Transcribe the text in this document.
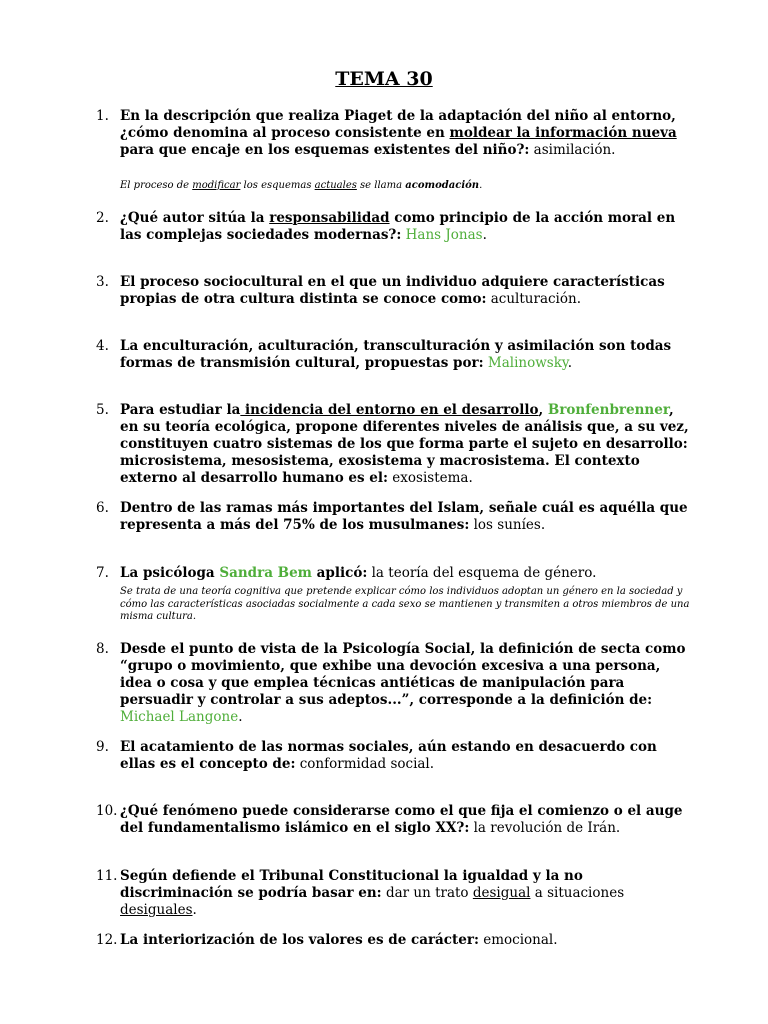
TEMA 30
1. En la descripción que realiza Piaget de la adaptación del niño al entorno, ¿cómo denomina al proceso consistente en moldear la información nueva para que encaje en los esquemas existentes del niño?: asimilación.
El proceso de modificar los esquemas actuales se llama acomodación.
2. ¿Qué autor sitúa la responsabilidad como principio de la acción moral en las complejas sociedades modernas?: Hans Jonas.
3. El proceso sociocultural en el que un individuo adquiere características propias de otra cultura distinta se conoce como: aculturación.
4. La enculturación, aculturación, transculturación y asimilación son todas formas de transmisión cultural, propuestas por: Malinowsky.
5. Para estudiar la incidencia del entorno en el desarrollo, Bronfenbrenner, en su teoría ecológica, propone diferentes niveles de análisis que, a su vez, constituyen cuatro sistemas de los que forma parte el sujeto en desarrollo: microsistema, mesosistema, exosistema y macrosistema. El contexto externo al desarrollo humano es el: exosistema.
6. Dentro de las ramas más importantes del Islam, señale cuál es aquélla que representa a más del 75% de los musulmanes: los suníes.
7. La psicóloga Sandra Bem aplicó: la teoría del esquema de género.
Se trata de una teoría cognitiva que pretende explicar cómo los individuos adoptan un género en la sociedad y cómo las características asociadas socialmente a cada sexo se mantienen y transmiten a otros miembros de una misma cultura.
8. Desde el punto de vista de la Psicología Social, la definición de secta como “grupo o movimiento, que exhibe una devoción excesiva a una persona, idea o cosa y que emplea técnicas antiéticas de manipulación para persuadir y controlar a sus adeptos...”, corresponde a la definición de: Michael Langone.
9. El acatamiento de las normas sociales, aún estando en desacuerdo con ellas es el concepto de: conformidad social.
10. ¿Qué fenómeno puede considerarse como el que fija el comienzo o el auge del fundamentalismo islámico en el siglo XX?: la revolución de Irán.
11. Según defiende el Tribunal Constitucional la igualdad y la no discriminación se podría basar en: dar un trato desigual a situaciones desiguales.
12. La interiorización de los valores es de carácter: emocional.
